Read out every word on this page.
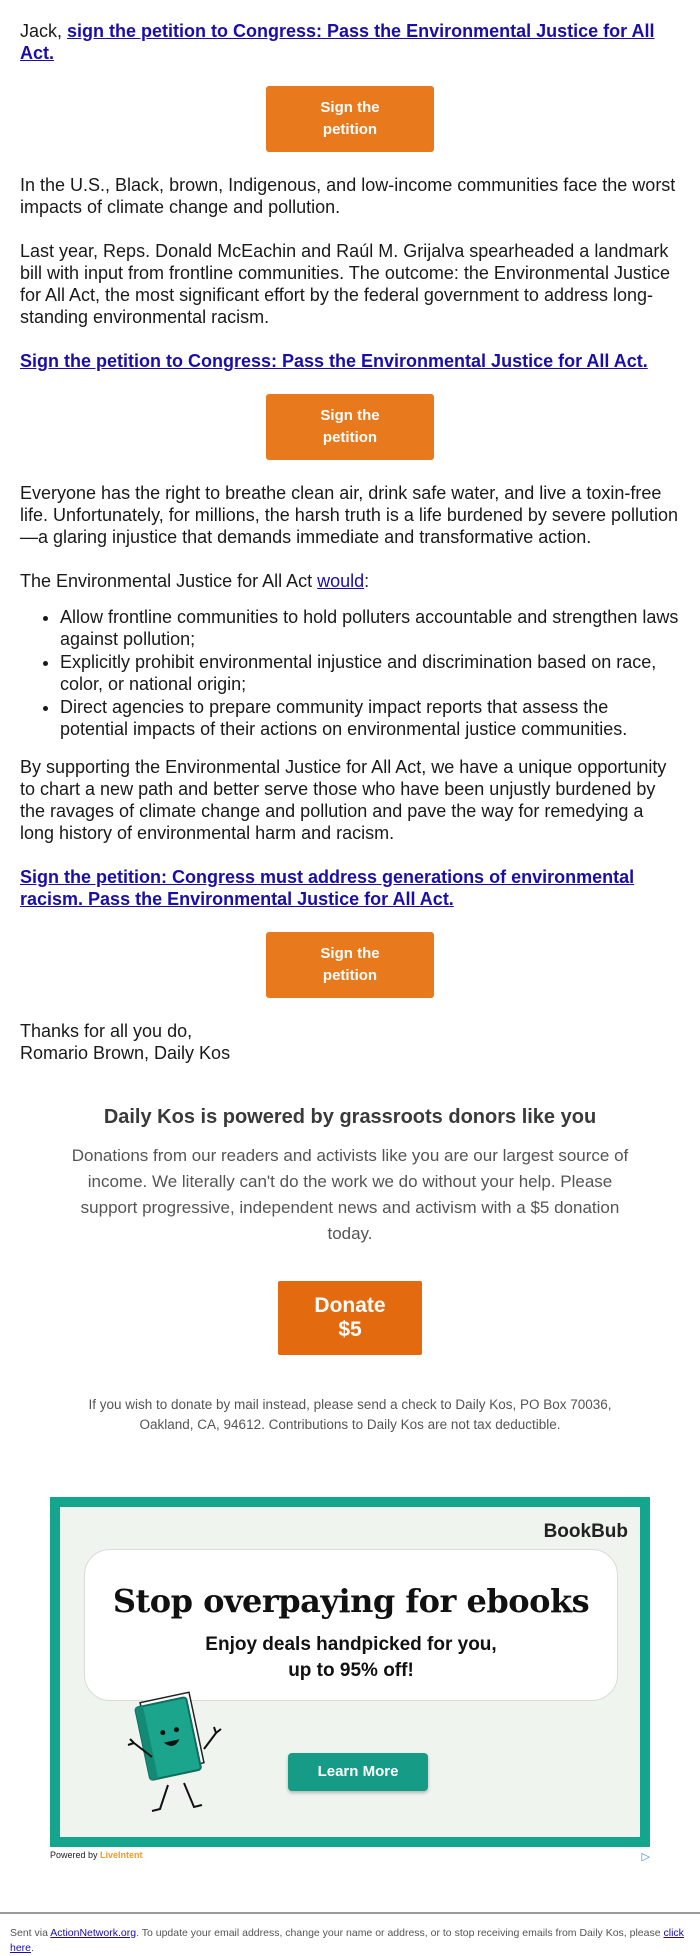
Jack, sign the petition to Congress: Pass the Environmental Justice for All Act.

Sign the petition

In the U.S., Black, brown, Indigenous, and low-income communities face the worst impacts of climate change and pollution.

Last year, Reps. Donald McEachin and Raúl M. Grijalva spearheaded a landmark bill with input from frontline communities. The outcome: the Environmental Justice for All Act, the most significant effort by the federal government to address long-standing environmental racism.

Sign the petition to Congress: Pass the Environmental Justice for All Act.

Sign the petition

Everyone has the right to breathe clean air, drink safe water, and live a toxin-free life. Unfortunately, for millions, the harsh truth is a life burdened by severe pollution—a glaring injustice that demands immediate and transformative action.

The Environmental Justice for All Act would:

• Allow frontline communities to hold polluters accountable and strengthen laws against pollution;
• Explicitly prohibit environmental injustice and discrimination based on race, color, or national origin;
• Direct agencies to prepare community impact reports that assess the potential impacts of their actions on environmental justice communities.

By supporting the Environmental Justice for All Act, we have a unique opportunity to chart a new path and better serve those who have been unjustly burdened by the ravages of climate change and pollution and pave the way for remedying a long history of environmental harm and racism.

Sign the petition: Congress must address generations of environmental racism. Pass the Environmental Justice for All Act.

Sign the petition

Thanks for all you do,
Romario Brown, Daily Kos

Daily Kos is powered by grassroots donors like you
Donations from our readers and activists like you are our largest source of income. We literally can't do the work we do without your help. Please support progressive, independent news and activism with a $5 donation today.
Donate $5
If you wish to donate by mail instead, please send a check to Daily Kos, PO Box 70036, Oakland, CA, 94612. Contributions to Daily Kos are not tax deductible.
BookBub
Stop overpaying for ebooks
Enjoy deals handpicked for you,
up to 95% off!
Learn More
Powered by LiveIntent	▷
Sent via ActionNetwork.org. To update your email address, change your name or address, or to stop receiving emails from Daily Kos, please click here.
